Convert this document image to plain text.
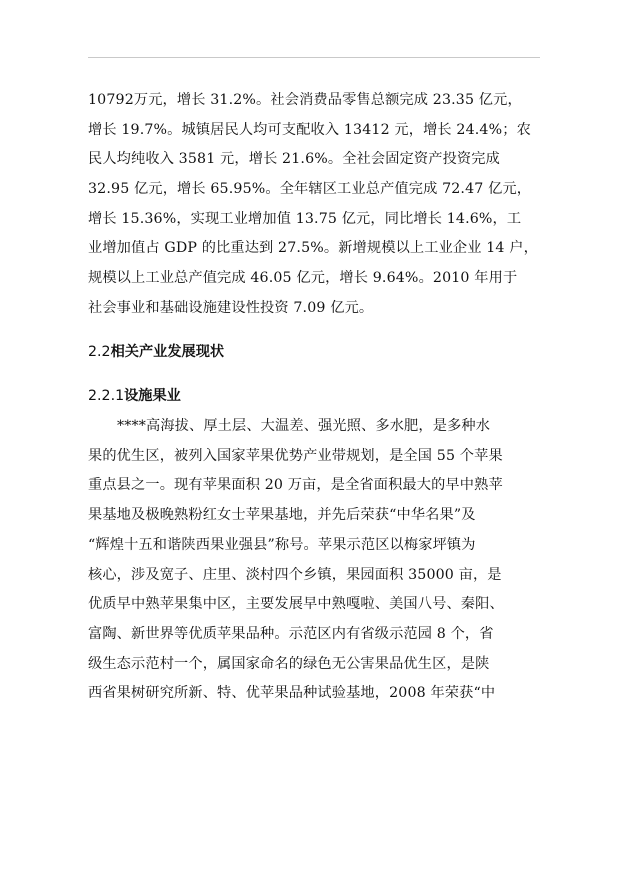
10792万元，增长 31.2%。社会消费品零售总额完成 23.35 亿元，
增长 19.7%。城镇居民人均可支配收入 13412 元，增长 24.4%；农
民人均纯收入 3581 元，增长 21.6%。全社会固定资产投资完成
32.95 亿元，增长 65.95%。全年辖区工业总产值完成 72.47 亿元，
增长 15.36%，实现工业增加值 13.75 亿元，同比增长 14.6%，工
业增加值占 GDP 的比重达到 27.5%。新增规模以上工业企业 14 户，
规模以上工业总产值完成 46.05 亿元，增长 9.64%。2010 年用于
社会事业和基础设施建设性投资 7.09 亿元。
2.2相关产业发展现状
2.2.1设施果业
****高海拔、厚土层、大温差、强光照、多水肥，是多种水
果的优生区，被列入国家苹果优势产业带规划，是全国 55 个苹果
重点县之一。现有苹果面积 20 万亩，是全省面积最大的早中熟苹
果基地及极晚熟粉红女士苹果基地，并先后荣获“中华名果”及
“辉煌十五和谐陕西果业强县”称号。苹果示范区以梅家坪镇为
核心，涉及宽子、庄里、淡村四个乡镇，果园面积 35000 亩，是
优质早中熟苹果集中区，主要发展早中熟嘎啦、美国八号、秦阳、
富陶、新世界等优质苹果品种。示范区内有省级示范园 8 个，省
级生态示范村一个，属国家命名的绿色无公害果品优生区，是陕
西省果树研究所新、特、优苹果品种试验基地，2008 年荣获“中
